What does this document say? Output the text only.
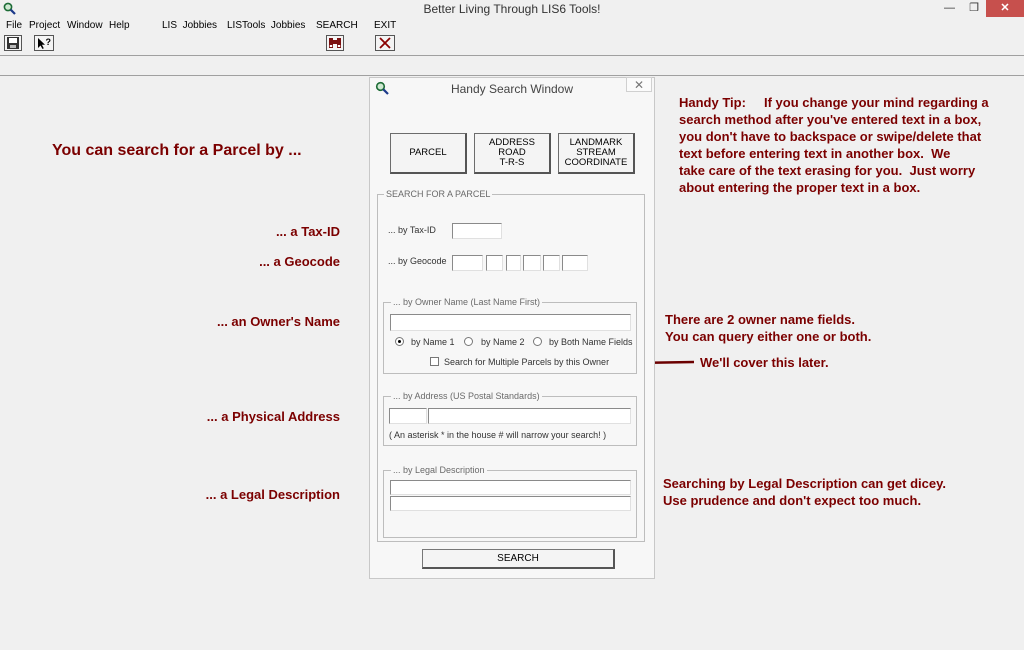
Better Living Through LIS6 Tools!	—	❐	✕
File Project Window Help	LIS  Jobbies LISTools  Jobbies SEARCH EXIT
?
You can search for a Parcel by ...
... a Tax-ID
... a Geocode
... an Owner's Name
... a Physical Address
... a Legal Description
Handy Tip:     If you change your mind regarding a
search method after you've entered text in a box,
you don't have to backspace or swipe/delete that
text before entering text in another box.  We
take care of the text erasing for you.  Just worry
about entering the proper text in a box.
There are 2 owner name fields.
You can query either one or both.
We'll cover this later.
Searching by Legal Description can get dicey.
Use prudence and don't expect too much.
Handy Search Window	✕
PARCEL
ADDRESS
ROAD
T-R-S
LANDMARK
STREAM
COORDINATE
SEARCH FOR A PARCEL
... by Tax-ID
... by Geocode
... by Owner Name (Last Name First)
by Name 1	by Name 2	by Both Name Fields
Search for Multiple Parcels by this Owner
... by Address (US Postal Standards)
( An asterisk * in the house # will narrow your search! )
... by Legal Description
SEARCH
